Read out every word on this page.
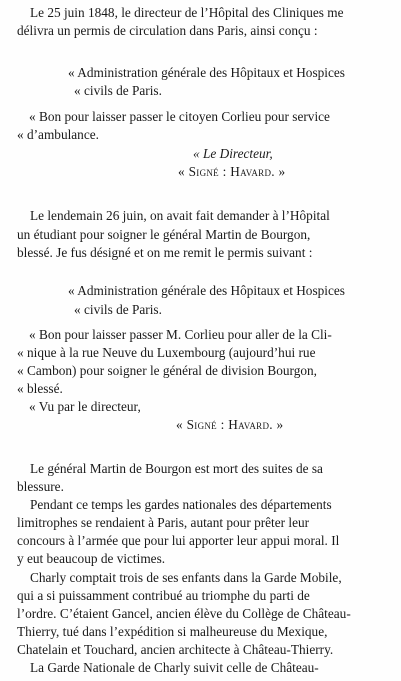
Le 25 juin 1848, le directeur de l’Hôpital des Cliniques me
délivra un permis de circulation dans Paris, ainsi conçu :
« Administration générale des Hôpitaux et Hospices
« civils de Paris.
« Bon pour laisser passer le citoyen Corlieu pour service
« d’ambulance.
« Le Directeur,
« Signé : Havard. »
Le lendemain 26 juin, on avait fait demander à l’Hôpital
un étudiant pour soigner le général Martin de Bourgon,
blessé. Je fus désigné et on me remit le permis suivant :
« Administration générale des Hôpitaux et Hospices
« civils de Paris.
« Bon pour laisser passer M. Corlieu pour aller de la Cli-
« nique à la rue Neuve du Luxembourg (aujourd’hui rue
« Cambon) pour soigner le général de division Bourgon,
« blessé.
« Vu par le directeur,
« Signé : Havard. »
Le général Martin de Bourgon est mort des suites de sa
blessure.
Pendant ce temps les gardes nationales des départements
limitrophes se rendaient à Paris, autant pour prêter leur
concours à l’armée que pour lui apporter leur appui moral. Il
y eut beaucoup de victimes.
Charly comptait trois de ses enfants dans la Garde Mobile,
qui a si puissamment contribué au triomphe du parti de
l’ordre. C’étaient Gancel, ancien élève du Collège de Château-
Thierry, tué dans l’expédition si malheureuse du Mexique,
Chatelain et Touchard, ancien architecte à Château-Thierry.
La Garde Nationale de Charly suivit celle de Château-
